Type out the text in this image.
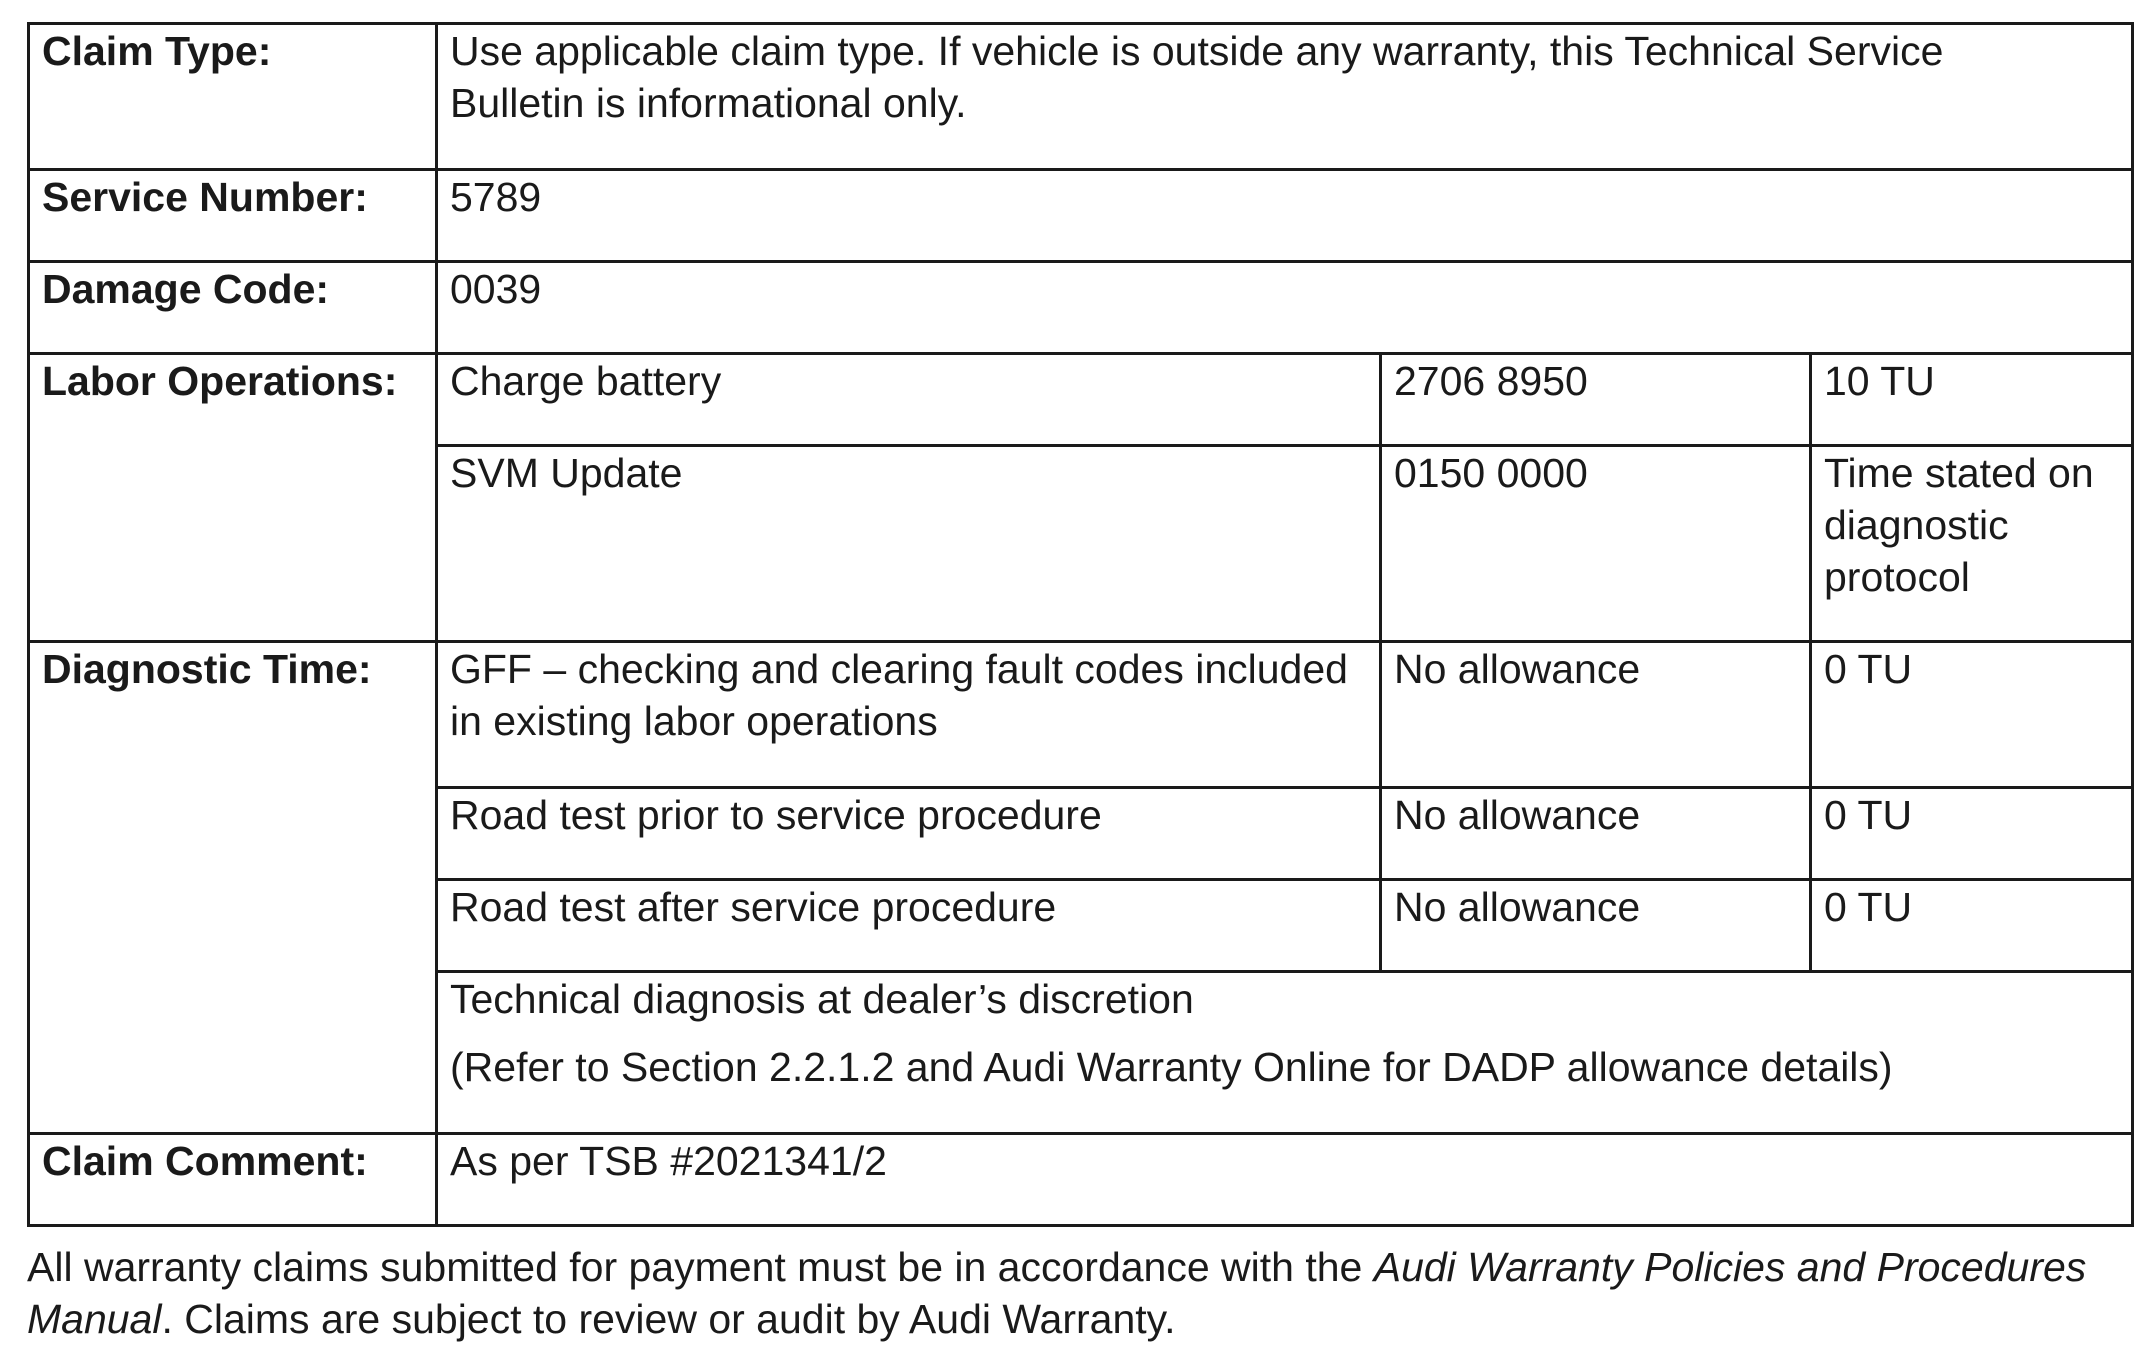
Claim Type:	Use applicable claim type. If vehicle is outside any warranty, this Technical Service
Bulletin is informational only.		

Service Number:	5789		
Damage Code:	0039		
Labor Operations:	Charge battery	2706 8950	10 TU
	SVM Update	0150 0000	Time stated on
diagnostic
protocol

Diagnostic Time:	GFF – checking and clearing fault codes included
in existing labor operations	No allowance	0 TU
	Road test prior to service procedure	No allowance	0 TU
	Road test after service procedure	No allowance	0 TU

	Technical diagnosis at dealer’s discretion
(Refer to Section 2.2.1.2 and Audi Warranty Online for DADP allowance details)		

Claim Comment:	As per TSB #2021341/2		
All warranty claims submitted for payment must be in accordance with the Audi Warranty Policies and Procedures
Manual. Claims are subject to review or audit by Audi Warranty.
